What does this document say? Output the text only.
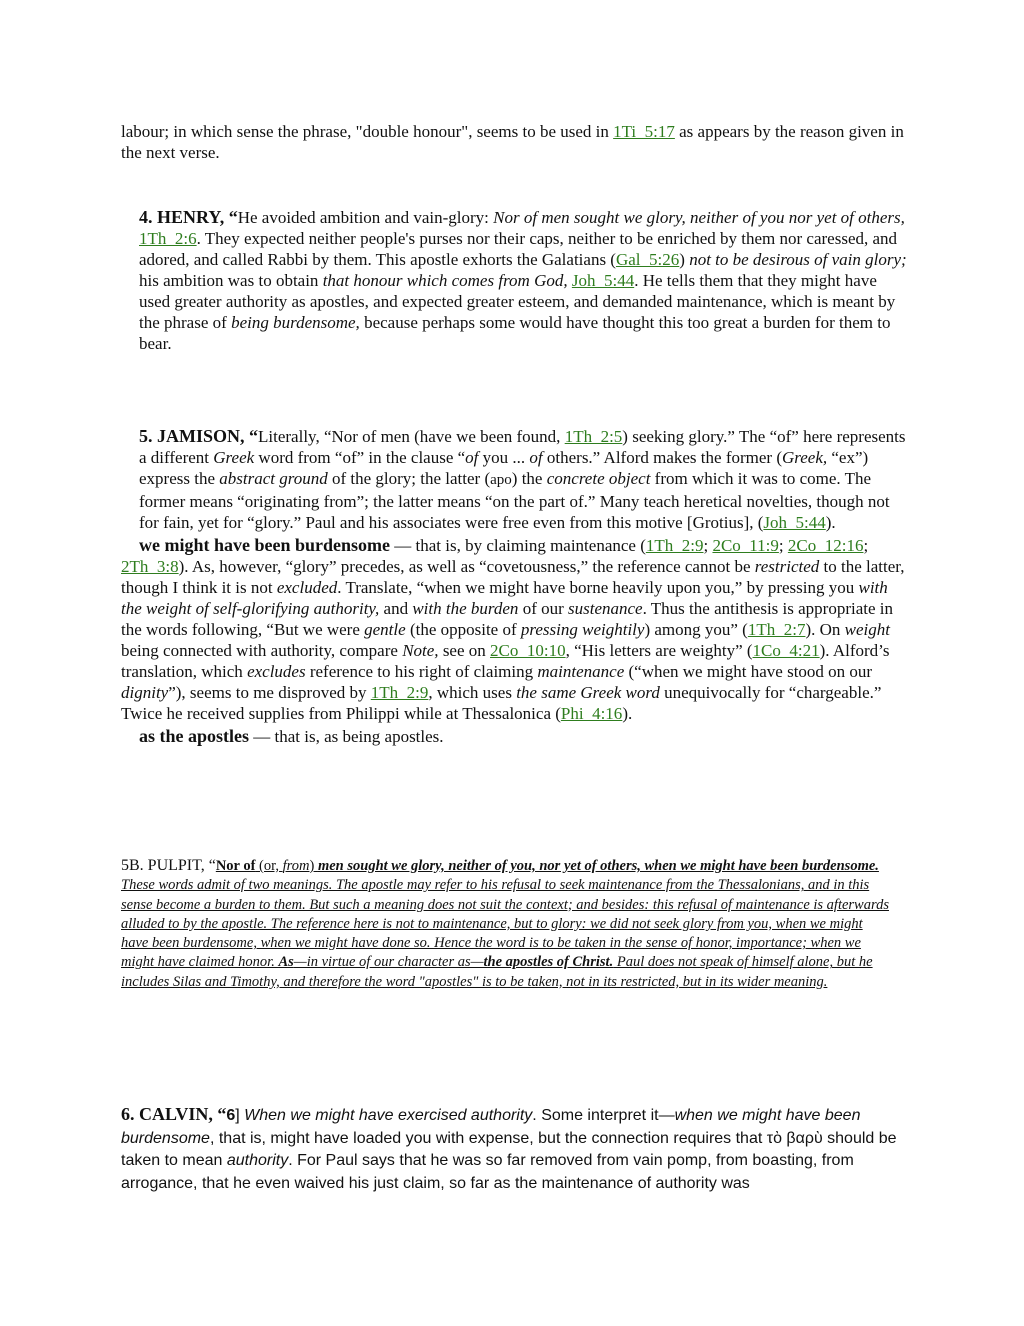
labour; in which sense the phrase, "double honour", seems to be used in 1Ti_5:17 as appears by the reason given in the next verse.
4. HENRY, “He avoided ambition and vain-glory: Nor of men sought we glory, neither of you nor yet of others, 1Th_2:6. They expected neither people's purses nor their caps, neither to be enriched by them nor caressed, and adored, and called Rabbi by them. This apostle exhorts the Galatians (Gal_5:26) not to be desirous of vain glory; his ambition was to obtain that honour which comes from God, Joh_5:44. He tells them that they might have used greater authority as apostles, and expected greater esteem, and demanded maintenance, which is meant by the phrase of being burdensome, because perhaps some would have thought this too great a burden for them to bear.
5. JAMISON, “Literally, “Nor of men (have we been found, 1Th_2:5) seeking glory.” The “of” here represents a different Greek word from “of” in the clause “of you ... of others.” Alford makes the former (Greek, “ex”) express the abstract ground of the glory; the latter (apo) the concrete object from which it was to come. The former means “originating from”; the latter means “on the part of.” Many teach heretical novelties, though not for fain, yet for “glory.” Paul and his associates were free even from this motive [Grotius], (Joh_5:44).
we might have been burdensome — that is, by claiming maintenance (1Th_2:9; 2Co_11:9; 2Co_12:16; 2Th_3:8). As, however, “glory” precedes, as well as “covetousness,” the reference cannot be restricted to the latter, though I think it is not excluded. Translate, “when we might have borne heavily upon you,” by pressing you with the weight of self-glorifying authority, and with the burden of our sustenance. Thus the antithesis is appropriate in the words following, “But we were gentle (the opposite of pressing weightily) among you” (1Th_2:7). On weight being connected with authority, compare Note, see on 2Co_10:10, “His letters are weighty” (1Co_4:21). Alford’s translation, which excludes reference to his right of claiming maintenance (“when we might have stood on our dignity”), seems to me disproved by 1Th_2:9, which uses the same Greek word unequivocally for “chargeable.” Twice he received supplies from Philippi while at Thessalonica (Phi_4:16).
as the apostles — that is, as being apostles.
5B. PULPIT, “Nor of (or, from) men sought we glory, neither of you, nor yet of others, when we might have been burdensome. These words admit of two meanings. The apostle may refer to his refusal to seek maintenance from the Thessalonians, and in this sense become a burden to them. But such a meaning does not suit the context; and besides: this refusal of maintenance is afterwards alluded to by the apostle. The reference here is not to maintenance, but to glory: we did not seek glory from you, when we might have been burdensome, when we might have done so. Hence the word is to be taken in the sense of honor, importance; when we might have claimed honor. As—in virtue of our character as—the apostles of Christ. Paul does not speak of himself alone, but he includes Silas and Timothy, and therefore the word "apostles" is to be taken, not in its restricted, but in its wider meaning.
6. CALVIN, “6] When we might have exercised authority. Some interpret it—when we might have been burdensome, that is, might have loaded you with expense, but the connection requires that τὸ βαρὺ should be taken to mean authority. For Paul says that he was so far removed from vain pomp, from boasting, from arrogance, that he even waived his just claim, so far as the maintenance of authority was
